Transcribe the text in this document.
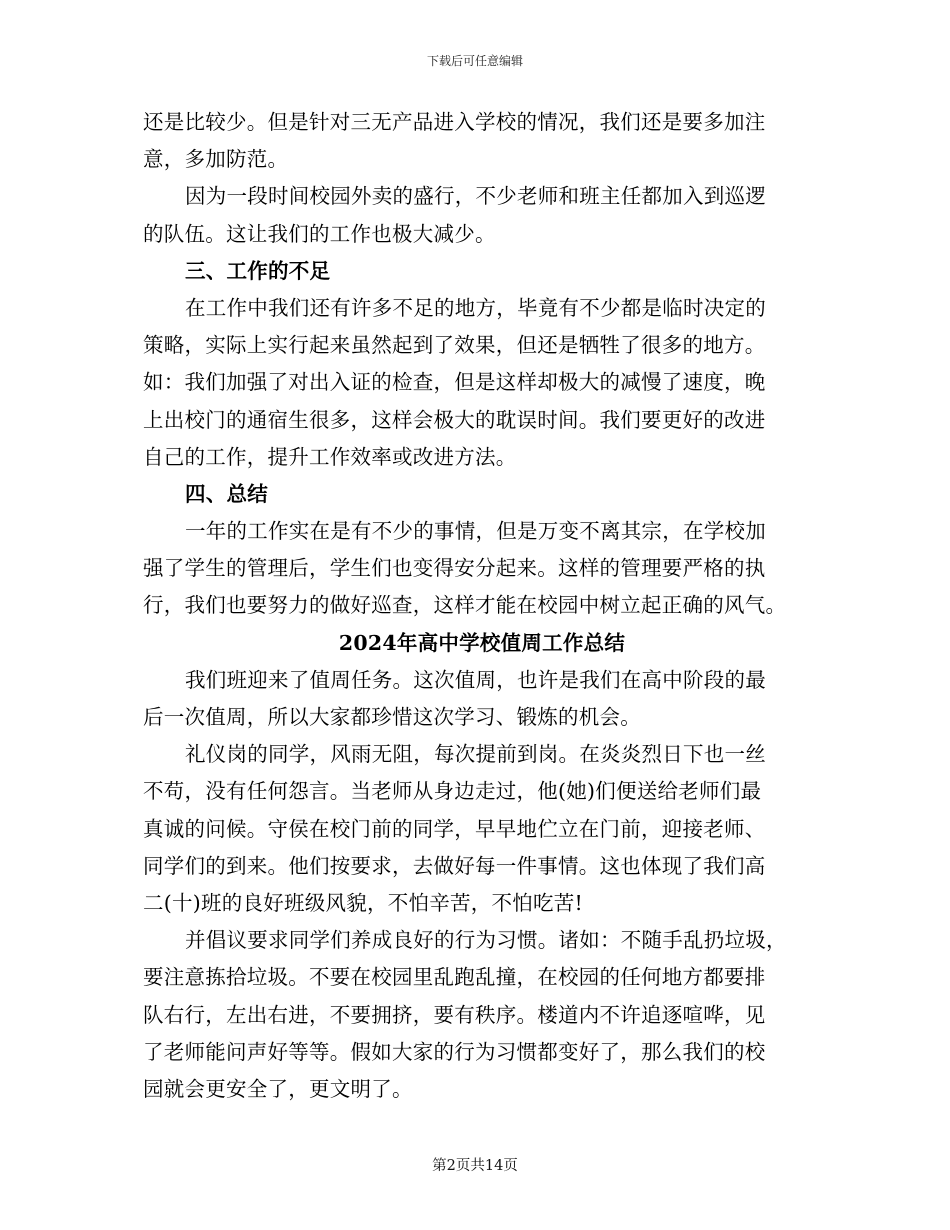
下载后可任意编辑
还是比较少。但是针对三无产品进入学校的情况，我们还是要多加注
意，多加防范。
因为一段时间校园外卖的盛行，不少老师和班主任都加入到巡逻
的队伍。这让我们的工作也极大减少。
三、工作的不足
在工作中我们还有许多不足的地方，毕竟有不少都是临时决定的
策略，实际上实行起来虽然起到了效果，但还是牺牲了很多的地方。
如：我们加强了对出入证的检查，但是这样却极大的减慢了速度，晚
上出校门的通宿生很多，这样会极大的耽误时间。我们要更好的改进
自己的工作，提升工作效率或改进方法。
四、总结
一年的工作实在是有不少的事情，但是万变不离其宗，在学校加
强了学生的管理后，学生们也变得安分起来。这样的管理要严格的执
行，我们也要努力的做好巡查，这样才能在校园中树立起正确的风气。
2024年高中学校值周工作总结
我们班迎来了值周任务。这次值周，也许是我们在高中阶段的最
后一次值周，所以大家都珍惜这次学习、锻炼的机会。
礼仪岗的同学，风雨无阻，每次提前到岗。在炎炎烈日下也一丝
不苟，没有任何怨言。当老师从身边走过，他(她)们便送给老师们最
真诚的问候。守侯在校门前的同学，早早地伫立在门前，迎接老师、
同学们的到来。他们按要求，去做好每一件事情。这也体现了我们高
二(十)班的良好班级风貌，不怕辛苦，不怕吃苦!
并倡议要求同学们养成良好的行为习惯。诸如：不随手乱扔垃圾，
要注意拣拾垃圾。不要在校园里乱跑乱撞，在校园的任何地方都要排
队右行，左出右进，不要拥挤，要有秩序。楼道内不许追逐喧哗，见
了老师能问声好等等。假如大家的行为习惯都变好了，那么我们的校
园就会更安全了，更文明了。
第2页共14页
